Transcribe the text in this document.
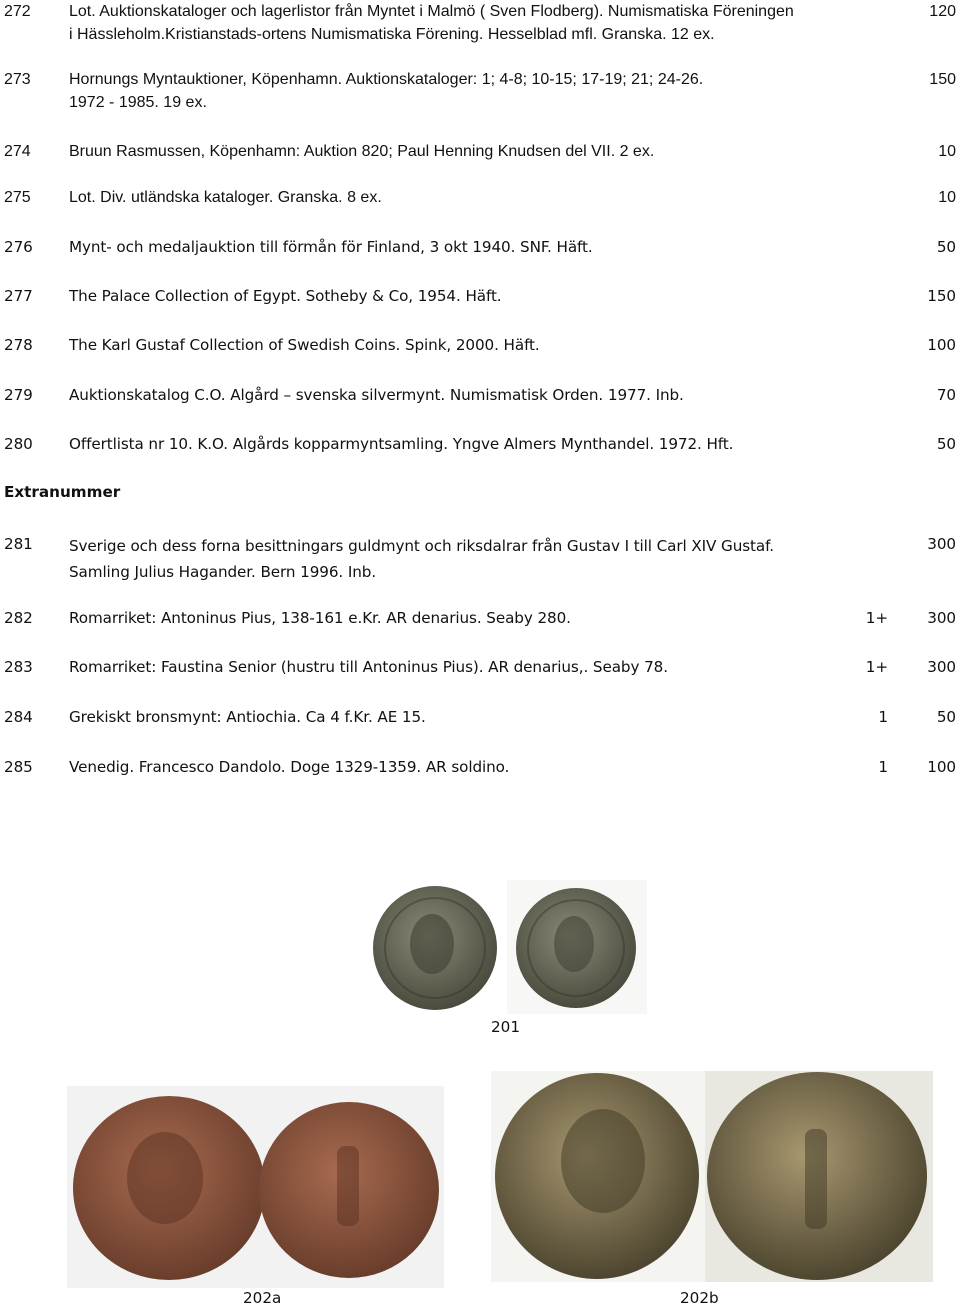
272 Lot. Auktionskataloger och lagerlistor från Myntet i Malmö ( Sven Flodberg). Numismatiska Föreningen
i Hässleholm.Kristianstads-ortens Numismatiska Förening. Hesselblad mfl. Granska. 12 ex.
120
273 Hornungs Myntauktioner, Köpenhamn. Auktionskataloger: 1; 4-8; 10-15; 17-19; 21; 24-26.
1972 - 1985. 19 ex.
150
274 Bruun Rasmussen, Köpenhamn: Auktion 820; Paul Henning Knudsen del VII. 2 ex.	10
275 Lot. Div. utländska kataloger. Granska. 8 ex.	10
276 Mynt- och medaljauktion till förmån för Finland, 3 okt 1940. SNF. Häft.	50
277 The Palace Collection of Egypt. Sotheby & Co, 1954. Häft.	150
278 The Karl Gustaf Collection of Swedish Coins. Spink, 2000. Häft.	100
279 Auktionskatalog C.O. Algård – svenska silvermynt. Numismatisk Orden. 1977. Inb.	70
280 Offertlista nr 10. K.O. Algårds kopparmyntsamling. Yngve Almers Mynthandel. 1972. Hft.	50
Extranummer
281 Sverige och dess forna besittningars guldmynt och riksdalrar från Gustav I till Carl XIV Gustaf.
Samling Julius Hagander. Bern 1996. Inb.
300
282 Romarriket: Antoninus Pius, 138-161 e.Kr. AR denarius. Seaby 280.	1+	300
283 Romarriket: Faustina Senior (hustru till Antoninus Pius). AR denarius,. Seaby 78.	1+	300
284 Grekiskt bronsmynt: Antiochia. Ca 4 f.Kr. AE 15.	1	50
285 Venedig. Francesco Dandolo. Doge 1329-1359. AR soldino.	1	100
201
202a	202b
